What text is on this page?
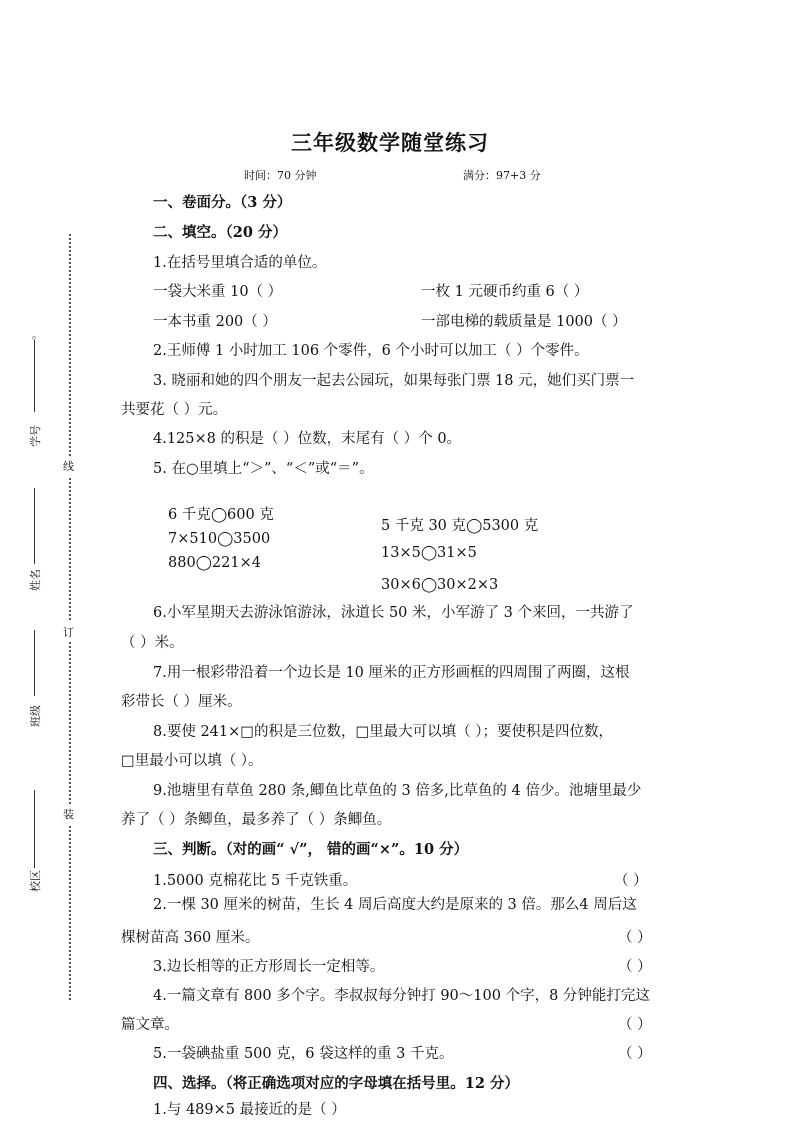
线
订
装
。
学号
姓名
班级
校区
三年级数学随堂练习
时间：70 分钟	满分：97+3 分
一、卷面分。（3 分）
二、填空。（20 分）
1.在括号里填合适的单位。
一袋大米重 10（ ）	一枚 1 元硬币约重 6（ ）
一本书重 200（ ）	一部电梯的载质量是 1000（ ）
2.王师傅 1 小时加工 106 个零件，6 个小时可以加工（ ）个零件。
3. 晓丽和她的四个朋友一起去公园玩，如果每张门票 18 元，她们买门票一
共要花（ ）元。
4.125×8 的积是（ ）位数，末尾有（ ）个 0。
5. 在○里填上“＞”、“＜”或“＝”。
6 千克◯600 克
7×510◯3500
880◯221×4
5 千克 30 克◯5300 克
13×5◯31×5
30×6◯30×2×3
6.小军星期天去游泳馆游泳，泳道长 50 米，小军游了 3 个来回，一共游了
（ ）米。
7.用一根彩带沿着一个边长是 10 厘米的正方形画框的四周围了两圈，这根
彩带长（ ）厘米。
8.要使 241×□的积是三位数，□里最大可以填（ ）；要使积是四位数，
□里最小可以填（ ）。
9.池塘里有草鱼 280 条,鲫鱼比草鱼的 3 倍多,比草鱼的 4 倍少。池塘里最少
养了（ ）条鲫鱼，最多养了（ ）条鲫鱼。
三、判断。（对的画“ √”， 错的画“×”。10 分）
1.5000 克棉花比 5 千克铁重。	（ ）
2.一棵 30 厘米的树苗，生长 4 周后高度大约是原来的 3 倍。那么4 周后这
棵树苗高 360 厘米。	（ ）
3.边长相等的正方形周长一定相等。	（ ）
4.一篇文章有 800 多个字。李叔叔每分钟打 90～100 个字，8 分钟能打完这
篇文章。	（ ）
5.一袋碘盐重 500 克，6 袋这样的重 3 千克。	（ ）
四、选择。（将正确选项对应的字母填在括号里。12 分）
1.与 489×5 最接近的是（ ）
